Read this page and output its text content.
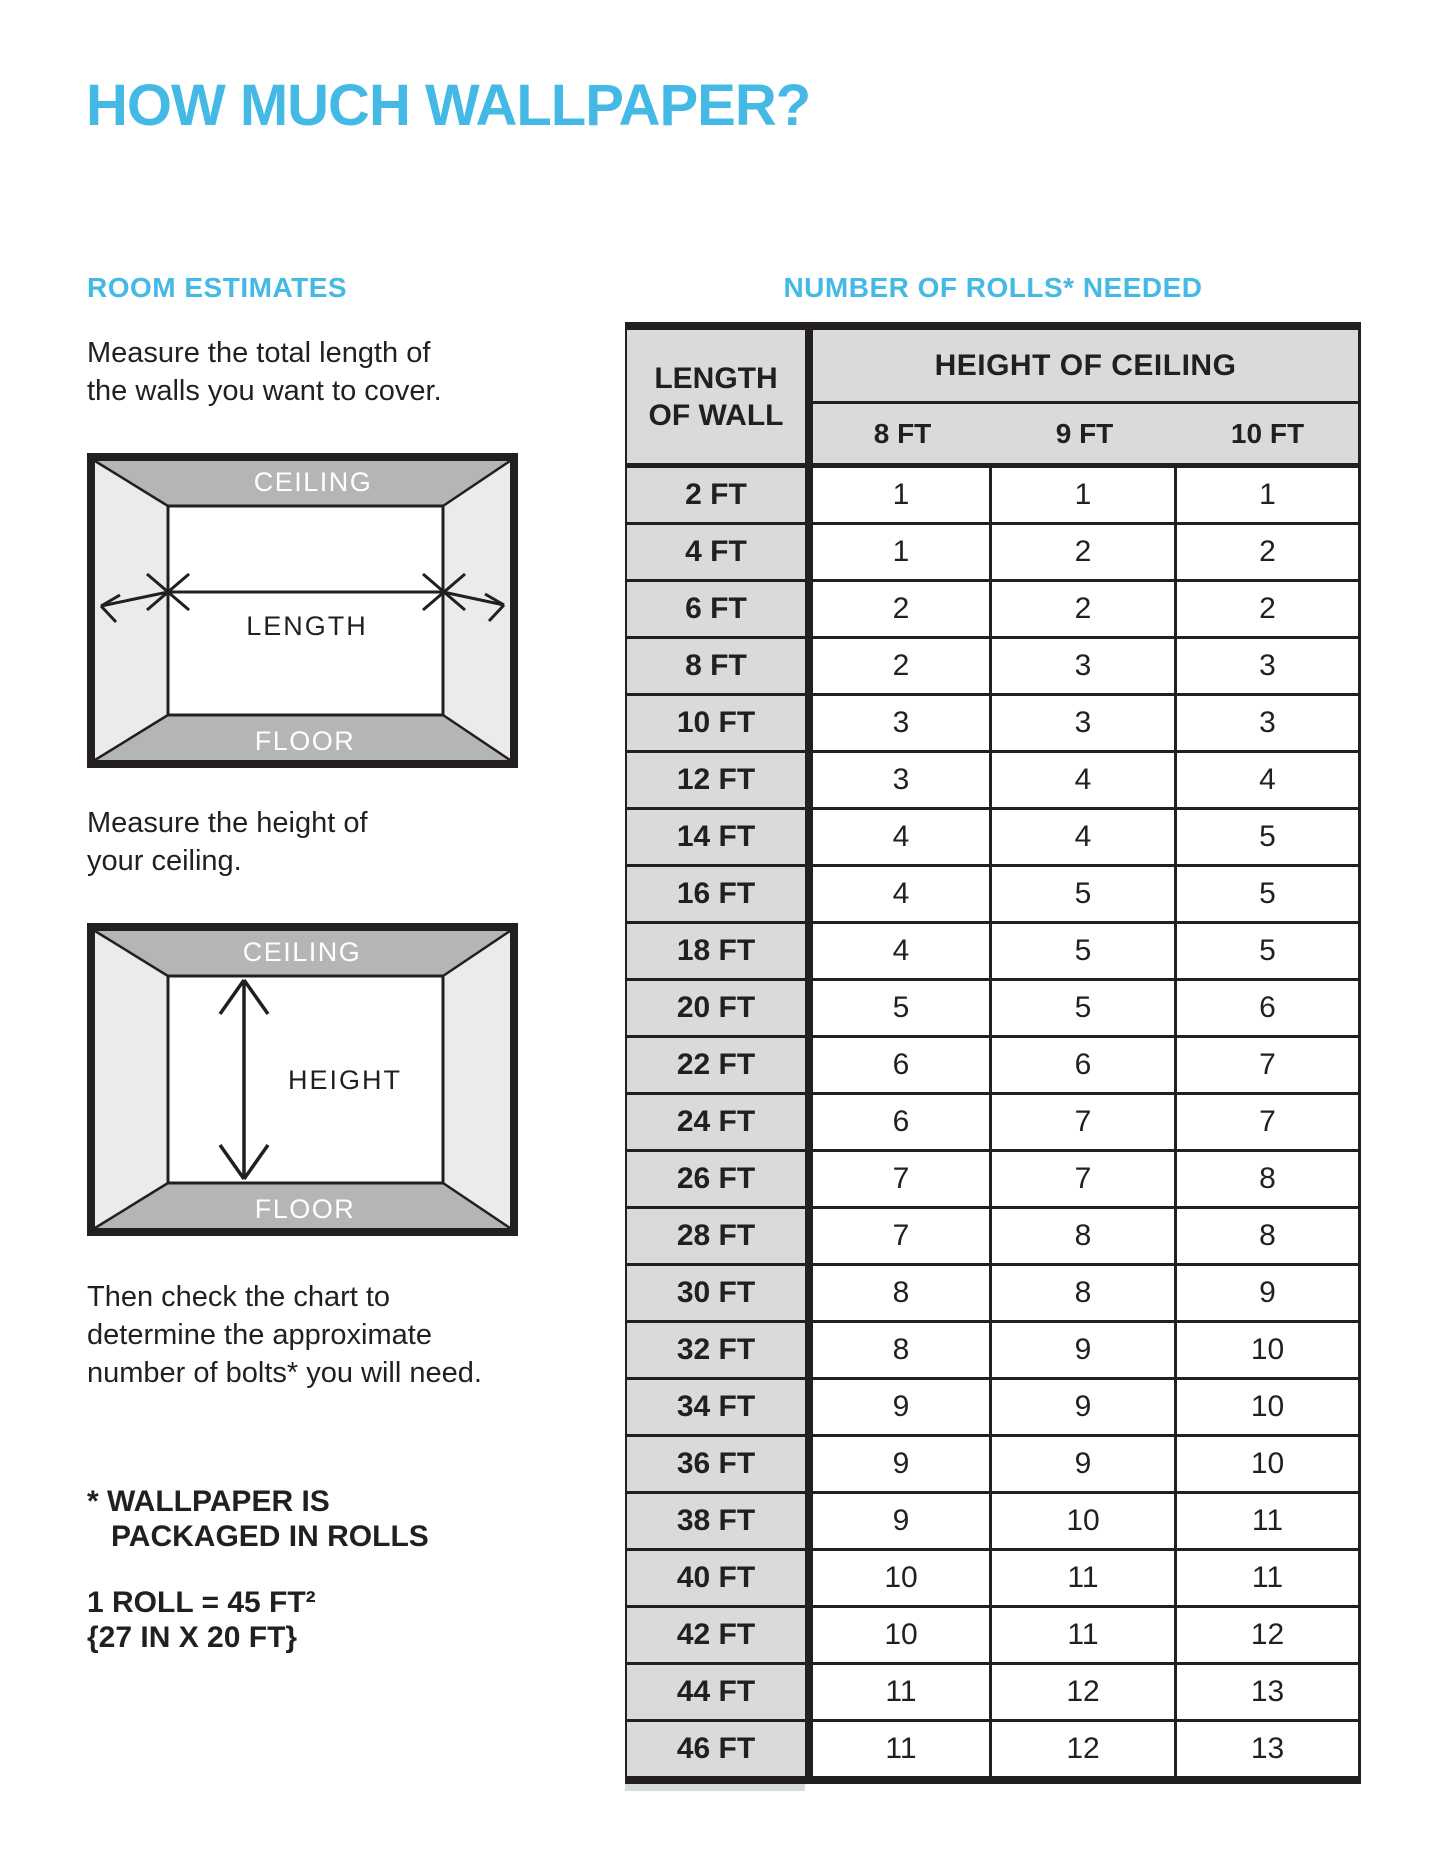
HOW MUCH WALLPAPER?
ROOM ESTIMATES
Measure the total length of
the walls you want to cover.
CEILING
FLOOR
LENGTH
Measure the height of
your ceiling.
CEILING
FLOOR
HEIGHT
Then check the chart to
determine the approximate
number of bolts* you will need.
* WALLPAPER IS
PACKAGED IN ROLLS
1 ROLL = 45 FT²
{27 IN X 20 FT}
NUMBER OF ROLLS* NEEDED
LENGTH
OF WALL
HEIGHT OF CEILING
8 FT	9 FT	10 FT
2 FT	1	1	1
4 FT	1	2	2
6 FT	2	2	2
8 FT	2	3	3
10 FT	3	3	3
12 FT	3	4	4
14 FT	4	4	5
16 FT	4	5	5
18 FT	4	5	5
20 FT	5	5	6
22 FT	6	6	7
24 FT	6	7	7
26 FT	7	7	8
28 FT	7	8	8
30 FT	8	8	9
32 FT	8	9	10
34 FT	9	9	10
36 FT	9	9	10
38 FT	9	10	11
40 FT	10	11	11
42 FT	10	11	12
44 FT	11	12	13
46 FT	11	12	13
